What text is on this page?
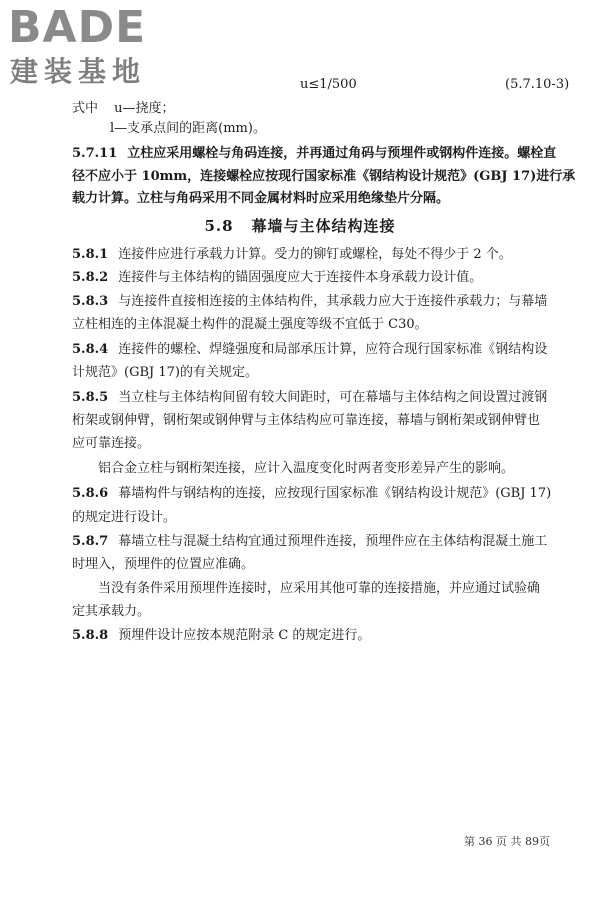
BADE
建装基地	u≤1/500	(5.7.10-3)
式中 u—挠度；
l—支承点间的距离(mm)。
5.7.11 立柱应采用螺栓与角码连接，并再通过角码与预埋件或钢构件连接。螺栓直
径不应小于 10mm，连接螺栓应按现行国家标准《钢结构设计规范》(GBJ 17)进行承
载力计算。立柱与角码采用不同金属材料时应采用绝缘垫片分隔。
5.8 幕墙与主体结构连接
5.8.1 连接件应进行承载力计算。受力的铆钉或螺栓，每处不得少于 2 个。
5.8.2 连接件与主体结构的锚固强度应大于连接件本身承载力设计值。
5.8.3 与连接件直接相连接的主体结构件，其承载力应大于连接件承载力；与幕墙
立柱相连的主体混凝土构件的混凝土强度等级不宜低于 C30。
5.8.4 连接件的螺栓、焊缝强度和局部承压计算，应符合现行国家标准《钢结构设
计规范》(GBJ 17)的有关规定。
5.8.5 当立柱与主体结构间留有较大间距时，可在幕墙与主体结构之间设置过渡钢
桁架或钢伸臂，钢桁架或钢伸臂与主体结构应可靠连接，幕墙与钢桁架或钢伸臂也
应可靠连接。
铝合金立柱与钢桁架连接，应计入温度变化时两者变形差异产生的影响。
5.8.6 幕墙构件与钢结构的连接，应按现行国家标准《钢结构设计规范》(GBJ 17)
的规定进行设计。
5.8.7 幕墙立柱与混凝土结构宜通过预埋件连接，预埋件应在主体结构混凝土施工
时埋入，预埋件的位置应准确。
当没有条件采用预埋件连接时，应采用其他可靠的连接措施，并应通过试验确
定其承载力。
5.8.8 预埋件设计应按本规范附录 C 的规定进行。
第 36 页 共 89页
